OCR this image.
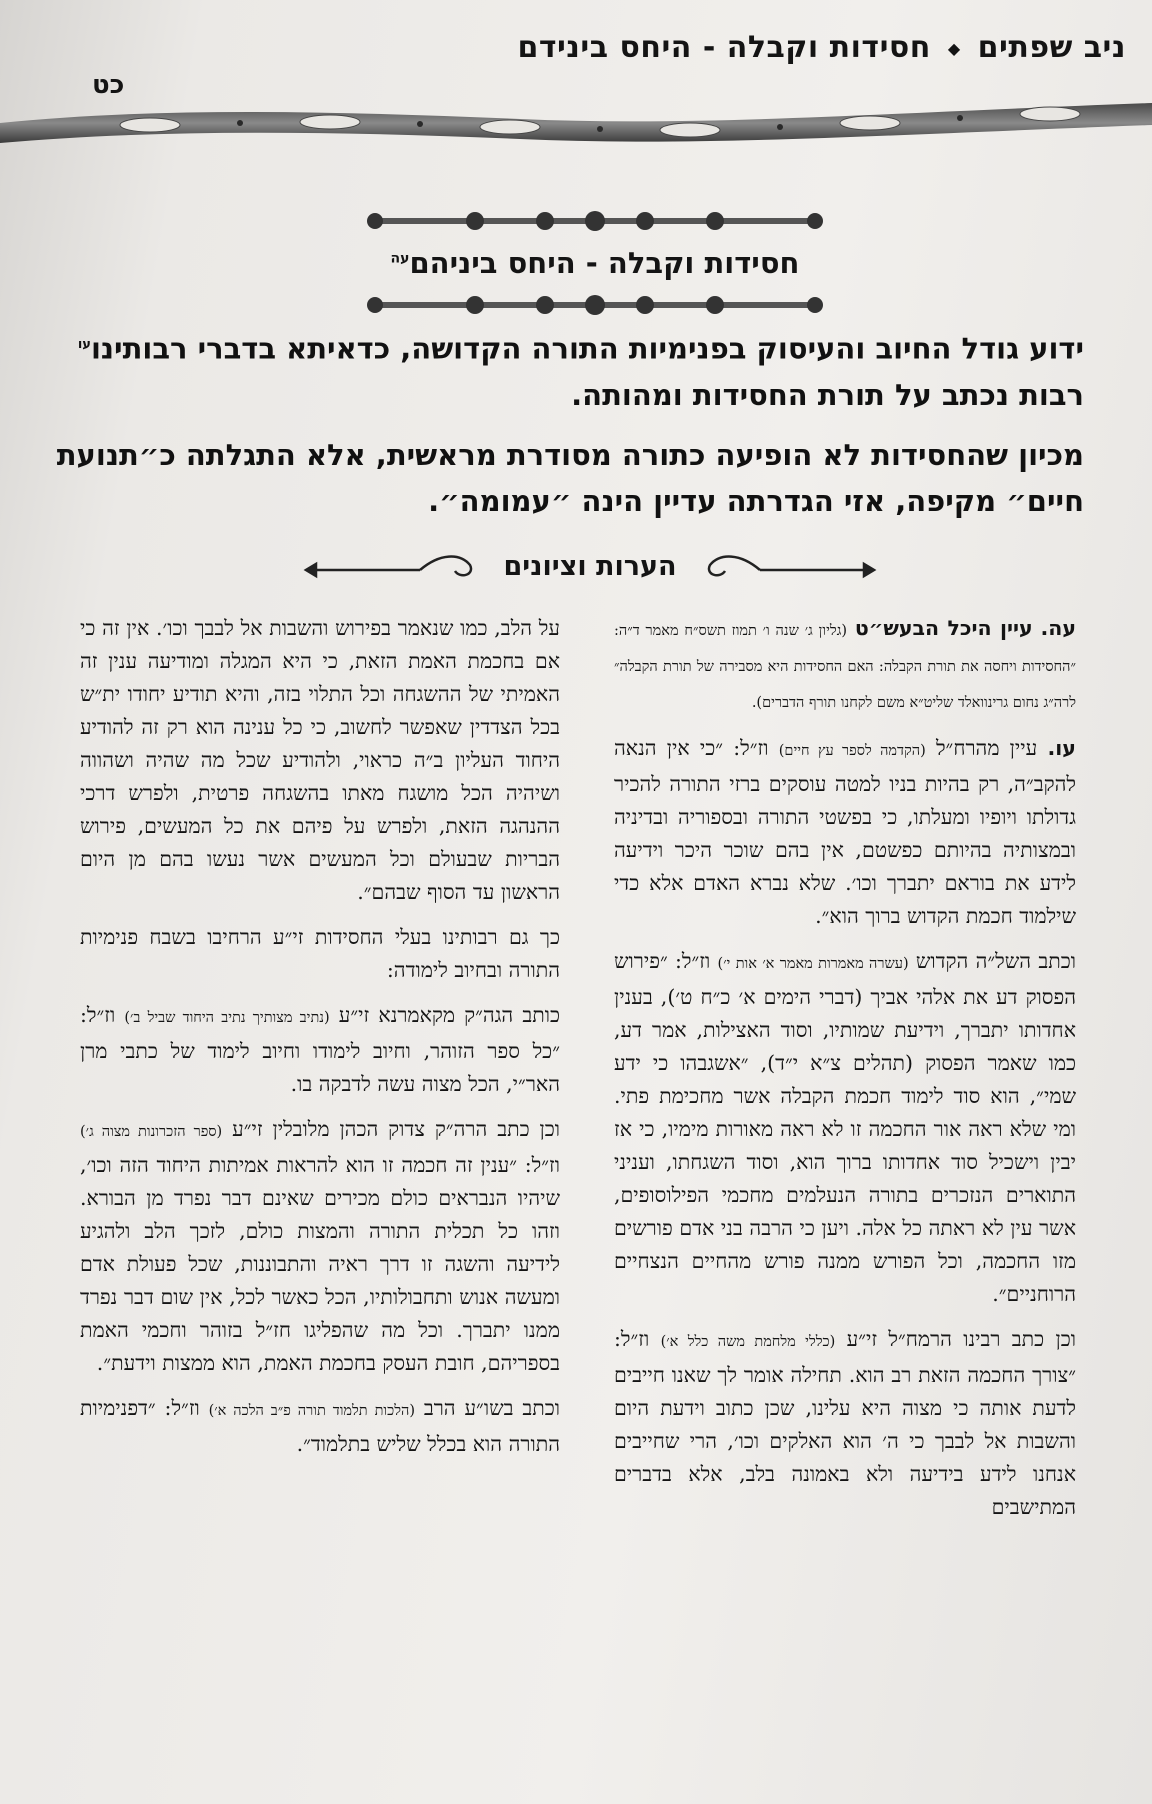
ניב שפתים ◆ חסידות וקבלה - היחס בינידם
כט
חסידות וקבלה - היחס ביניהם$^{עה}$
ידוע גודל החיוב והעיסוק בפנימיות התורה הקדושה, כדאיתא בדברי רבותינו$^{עו}$
רבות נכתב על תורת החסידות ומהותה.
מכיון שהחסידות לא הופיעה כתורה מסודרת מראשית, אלא התגלתה כ״תנועת חיים״ מקיפה, אזי הגדרתה עדיין הינה ״עמומה״.
הערות וציונים

עה. עיין היכל הבעש״ט (גליון ג׳ שנה ו׳ תמוז תשס״ח מאמר ד״ה: ״החסידות ויחסה את תורת הקבלה: האם החסידות היא מסבירה של תורת הקבלה״ לרה״ג נחום גרינוואלד שליט״א משם לקחנו תורף הדברים).

עו. עיין מהרח״ל (הקדמה לספר עץ חיים) וז״ל: ״כי אין הנאה להקב״ה, רק בהיות בניו למטה עוסקים ברזי התורה להכיר גדולתו ויופיו ומעלתו, כי בפשטי התורה ובספוריה ובדיניה ובמצותיה בהיותם כפשטם, אין בהם שוכר היכר וידיעה לידע את בוראם יתברך וכו׳. שלא נברא האדם אלא כדי שילמוד חכמת הקדוש ברוך הוא״.

וכתב השל״ה הקדוש (עשרה מאמרות מאמר א׳ אות י׳) וז״ל: ״פירוש הפסוק דע את אלהי אביך (דברי הימים א׳ כ״ח ט׳), בענין אחדותו יתברך, וידיעת שמותיו, וסוד האצילות, אמר דע, כמו שאמר הפסוק (תהלים צ״א י״ד), ״אשגבהו כי ידע שמי״, הוא סוד לימוד חכמת הקבלה אשר מחכימת פתי. ומי שלא ראה אור החכמה זו לא ראה מאורות מימיו, כי אז יבין וישכיל סוד אחדותו ברוך הוא, וסוד השגחתו, ועניני התוארים הנזכרים בתורה הנעלמים מחכמי הפילוסופים, אשר עין לא ראתה כל אלה. ויען כי הרבה בני אדם פורשים מזו החכמה, וכל הפורש ממנה פורש מהחיים הנצחיים הרוחניים״.

וכן כתב רבינו הרמח״ל זי״ע (כללי מלחמת משה כלל א׳) וז״ל: ״צורך החכמה הזאת רב הוא. תחילה אומר לך שאנו חייבים לדעת אותה כי מצוה היא עלינו, שכן כתוב וידעת היום והשבות אל לבבך כי ה׳ הוא האלקים וכו׳, הרי שחייבים אנחנו לידע בידיעה ולא באמונה בלב, אלא בדברים המתישבים

על הלב, כמו שנאמר בפירוש והשבות אל לבבך וכו׳. אין זה כי אם בחכמת האמת הזאת, כי היא המגלה ומודיעה ענין זה האמיתי של ההשגחה וכל התלוי בזה, והיא תודיע יחודו ית״ש בכל הצדדין שאפשר לחשוב, כי כל ענינה הוא רק זה להודיע היחוד העליון ב״ה כראוי, ולהודיע שכל מה שהיה ושהווה ושיהיה הכל מושגח מאתו בהשגחה פרטית, ולפרש דרכי ההנהגה הזאת, ולפרש על פיהם את כל המעשים, פירוש הבריות שבעולם וכל המעשים אשר נעשו בהם מן היום הראשון עד הסוף שבהם״.

כך גם רבותינו בעלי החסידות זי״ע הרחיבו בשבח פנימיות התורה ובחיוב לימודה:

כותב הגה״ק מקאמרנא זי״ע (נתיב מצותיך נתיב היחוד שביל ב׳) וז״ל: ״כל ספר הזוהר, וחיוב לימודו וחיוב לימוד של כתבי מרן האר״י, הכל מצוה עשה לדבקה בו.

וכן כתב הרה״ק צדוק הכהן מלובלין זי״ע (ספר הזכרונות מצוה ג׳) וז״ל: ״ענין זה חכמה זו הוא להראות אמיתות היחוד הזה וכו׳, שיהיו הנבראים כולם מכירים שאינם דבר נפרד מן הבורא. וזהו כל תכלית התורה והמצות כולם, לזכך הלב ולהגיע לידיעה והשגה זו דרך ראיה והתבוננות, שכל פעולת אדם ומעשה אנוש ותחבולותיו, הכל כאשר לכל, אין שום דבר נפרד ממנו יתברך. וכל מה שהפליגו חז״ל בזוהר וחכמי האמת בספריהם, חובת העסק בחכמת האמת, הוא ממצות וידעת״.

וכתב בשו״ע הרב (הלכות תלמוד תורה פ״ב הלכה א׳) וז״ל: ״דפנימיות התורה הוא בכלל שליש בתלמוד״.
